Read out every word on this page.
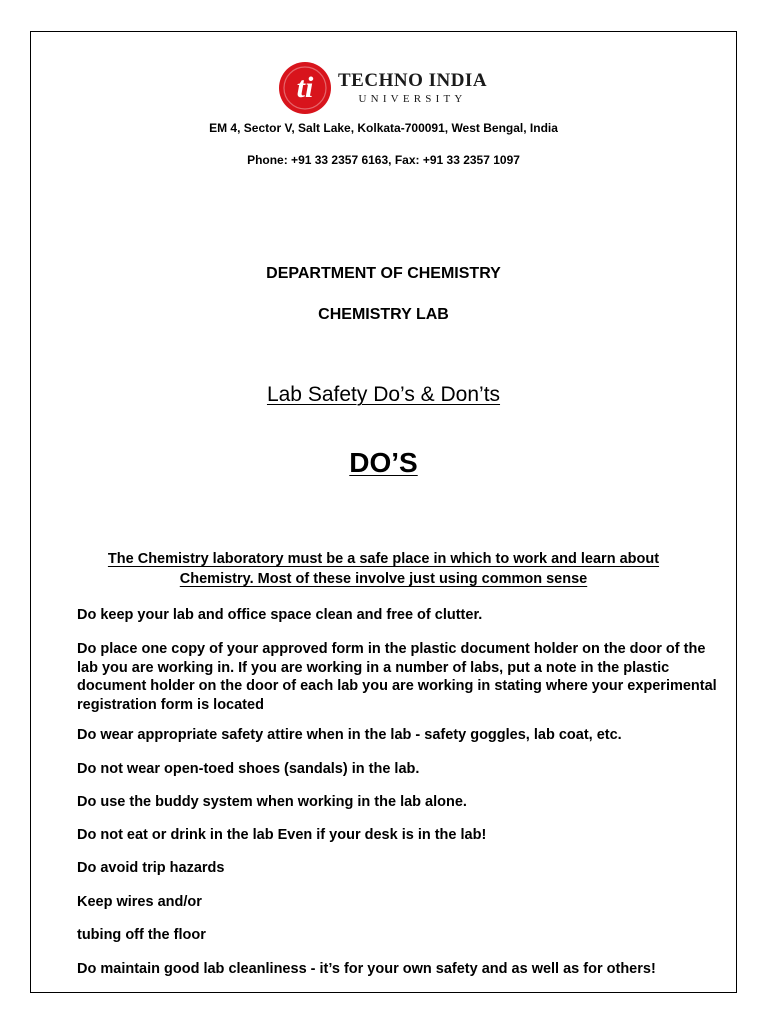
ti TECHNO INDIA
UNIVERSITY
EM 4, Sector V, Salt Lake, Kolkata-700091, West Bengal, India
Phone: +91 33 2357 6163, Fax: +91 33 2357 1097
DEPARTMENT OF CHEMISTRY
CHEMISTRY LAB
Lab Safety Do’s & Don’ts
DO’S
The Chemistry laboratory must be a safe place in which to work and learn about
Chemistry. Most of these involve just using common sense
Do keep your lab and office space clean and free of clutter.
Do place one copy of your approved form in the plastic document holder on the door of the lab you are working in. If you are working in a number of labs, put a note in the plastic document holder on the door of each lab you are working in stating where your experimental registration form is located
Do wear appropriate safety attire when in the lab - safety goggles, lab coat, etc.
Do not wear open-toed shoes (sandals) in the lab.
Do use the buddy system when working in the lab alone.
Do not eat or drink in the lab Even if your desk is in the lab!
Do avoid trip hazards
Keep wires and/or
tubing off the floor
Do maintain good lab cleanliness - it’s for your own safety and as well as for others!
